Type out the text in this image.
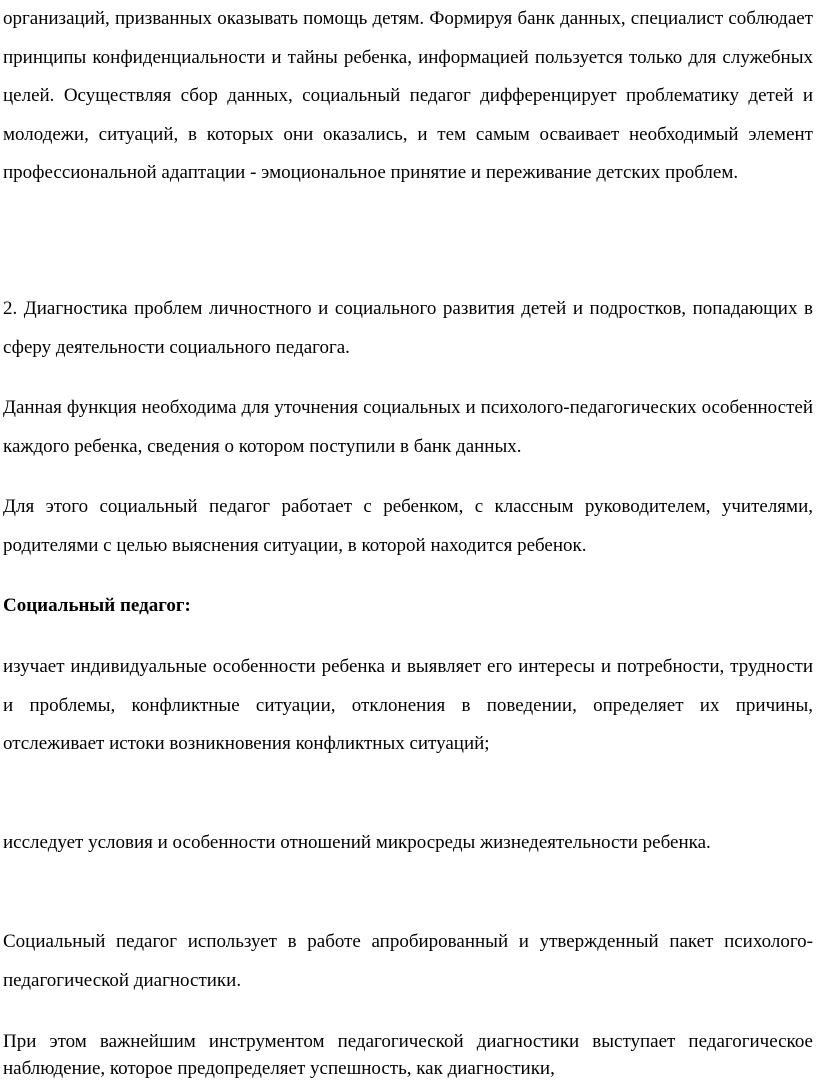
организаций, призванных оказывать помощь детям. Формируя банк данных, специалист соблюдает принципы конфиденциальности и тайны ребенка, информацией пользуется только для служебных целей. Осуществляя сбор данных, социальный педагог дифференцирует проблематику детей и молодежи, ситуаций, в которых они оказались, и тем самым осваивает необходимый элемент профессиональной адаптации - эмоциональное принятие и переживание детских проблем.

2. Диагностика проблем личностного и социального развития детей и подростков, попадающих в сферу деятельности социального педагога.

Данная функция необходима для уточнения социальных и психолого-педагогических особенностей каждого ребенка, сведения о котором поступили в банк данных.

Для этого социальный педагог работает с ребенком, с классным руководителем, учителями, родителями с целью выяснения ситуации, в которой находится ребенок.

Социальный педагог:

изучает индивидуальные особенности ребенка и выявляет его интересы и потребности, трудности и проблемы, конфликтные ситуации, отклонения в поведении, определяет их причины, отслеживает истоки возникновения конфликтных ситуаций;

исследует условия и особенности отношений микросреды жизнедеятельности ребенка.

Социальный педагог использует в работе апробированный и утвержденный пакет психолого-педагогической диагностики.

При этом важнейшим инструментом педагогической диагностики выступает педагогическое наблюдение, которое предопределяет успешность, как диагностики,
